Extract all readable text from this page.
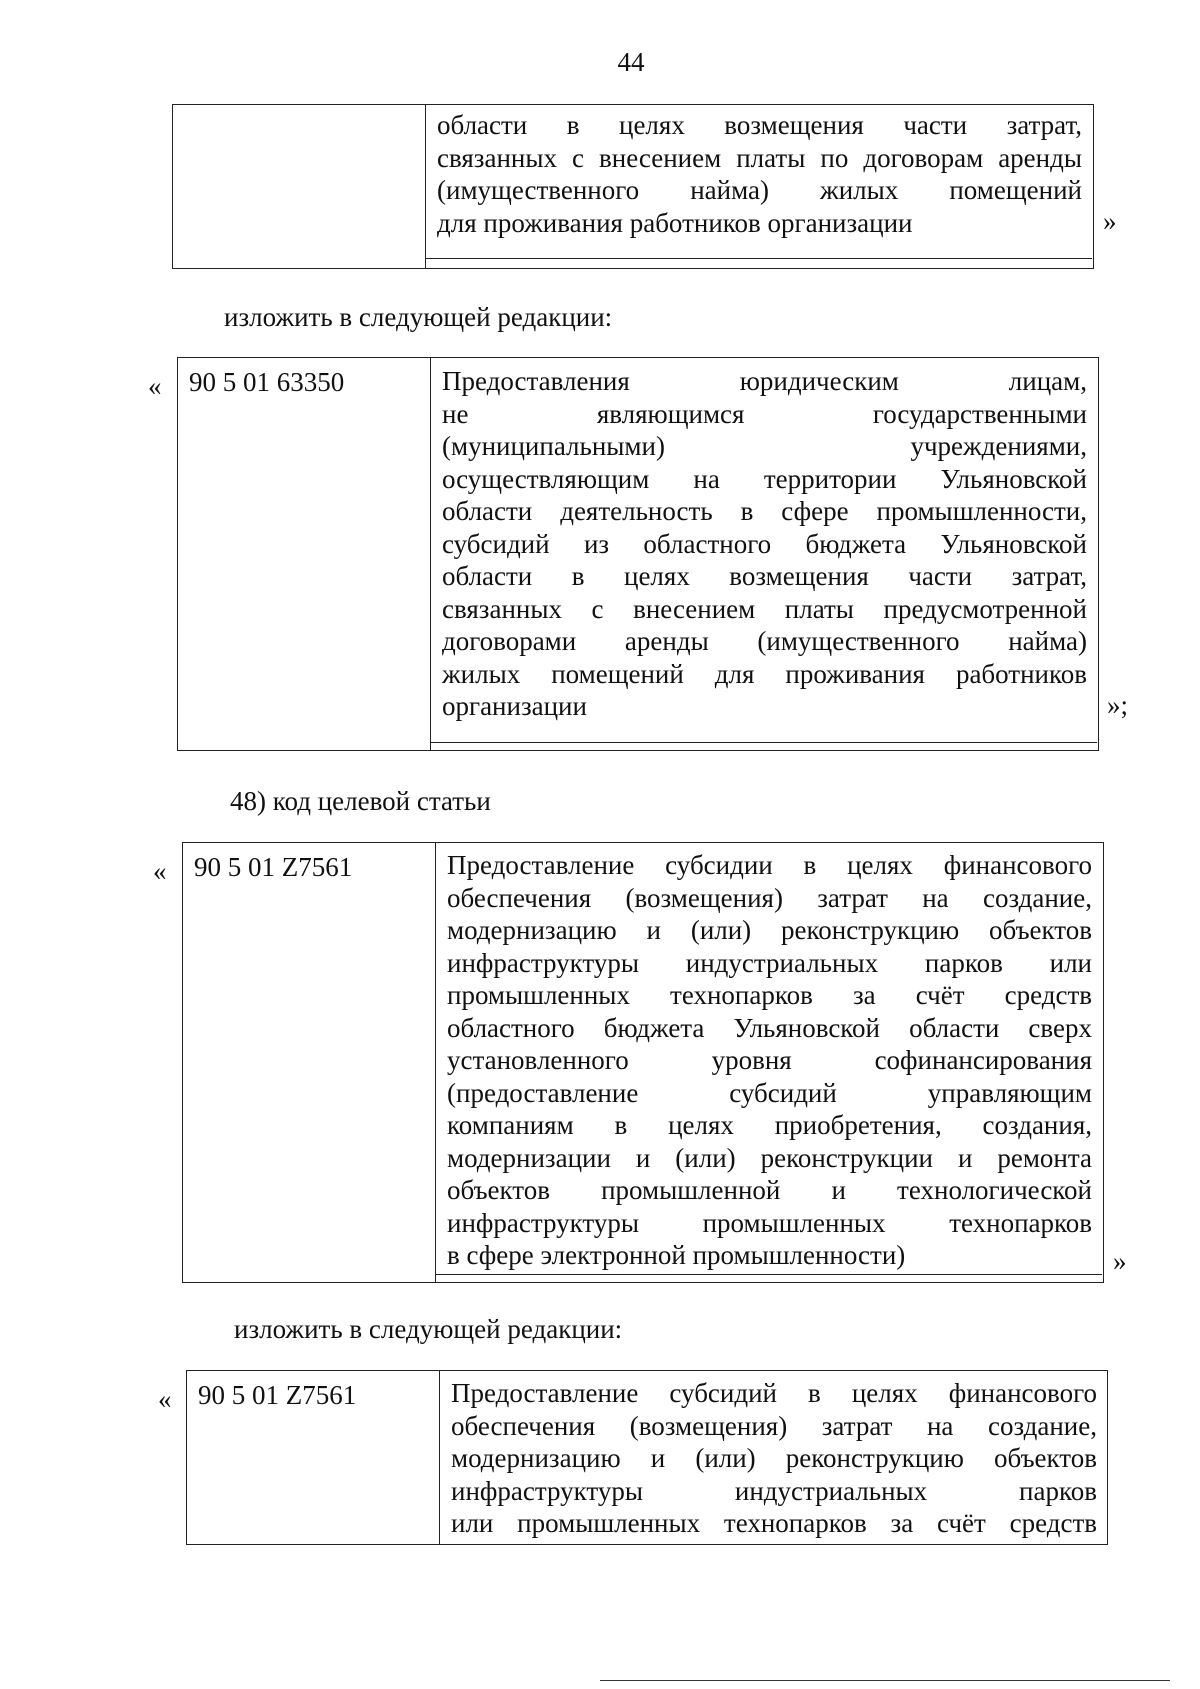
44
области в целях возмещения части затрат,
связанных с внесением платы по договорам аренды
(имущественного найма) жилых помещений
для проживания работников организации	»
изложить в следующей редакции:
«	90 5 01 63350	Предоставления юридическим лицам,
не являющимся государственными
(муниципальными) учреждениями,
осуществляющим на территории Ульяновской
области деятельность в сфере промышленности,
субсидий из областного бюджета Ульяновской
области в целях возмещения части затрат,
связанных с внесением платы предусмотренной
договорами аренды (имущественного найма)
жилых помещений для проживания работников
организации	»;
48) код целевой статьи
«	90 5 01 Z7561	Предоставление субсидии в целях финансового
обеспечения (возмещения) затрат на создание,
модернизацию и (или) реконструкцию объектов
инфраструктуры индустриальных парков или
промышленных технопарков за счёт средств
областного бюджета Ульяновской области сверх
установленного уровня софинансирования
(предоставление субсидий управляющим
компаниям в целях приобретения, создания,
модернизации и (или) реконструкции и ремонта
объектов промышленной и технологической
инфраструктуры промышленных технопарков
в сфере электронной промышленности)	»
изложить в следующей редакции:
« 90 5 01 Z7561	Предоставление субсидий в целях финансового
обеспечения (возмещения) затрат на создание,
модернизацию и (или) реконструкцию объектов
инфраструктуры индустриальных парков
или промышленных технопарков за счёт средств
